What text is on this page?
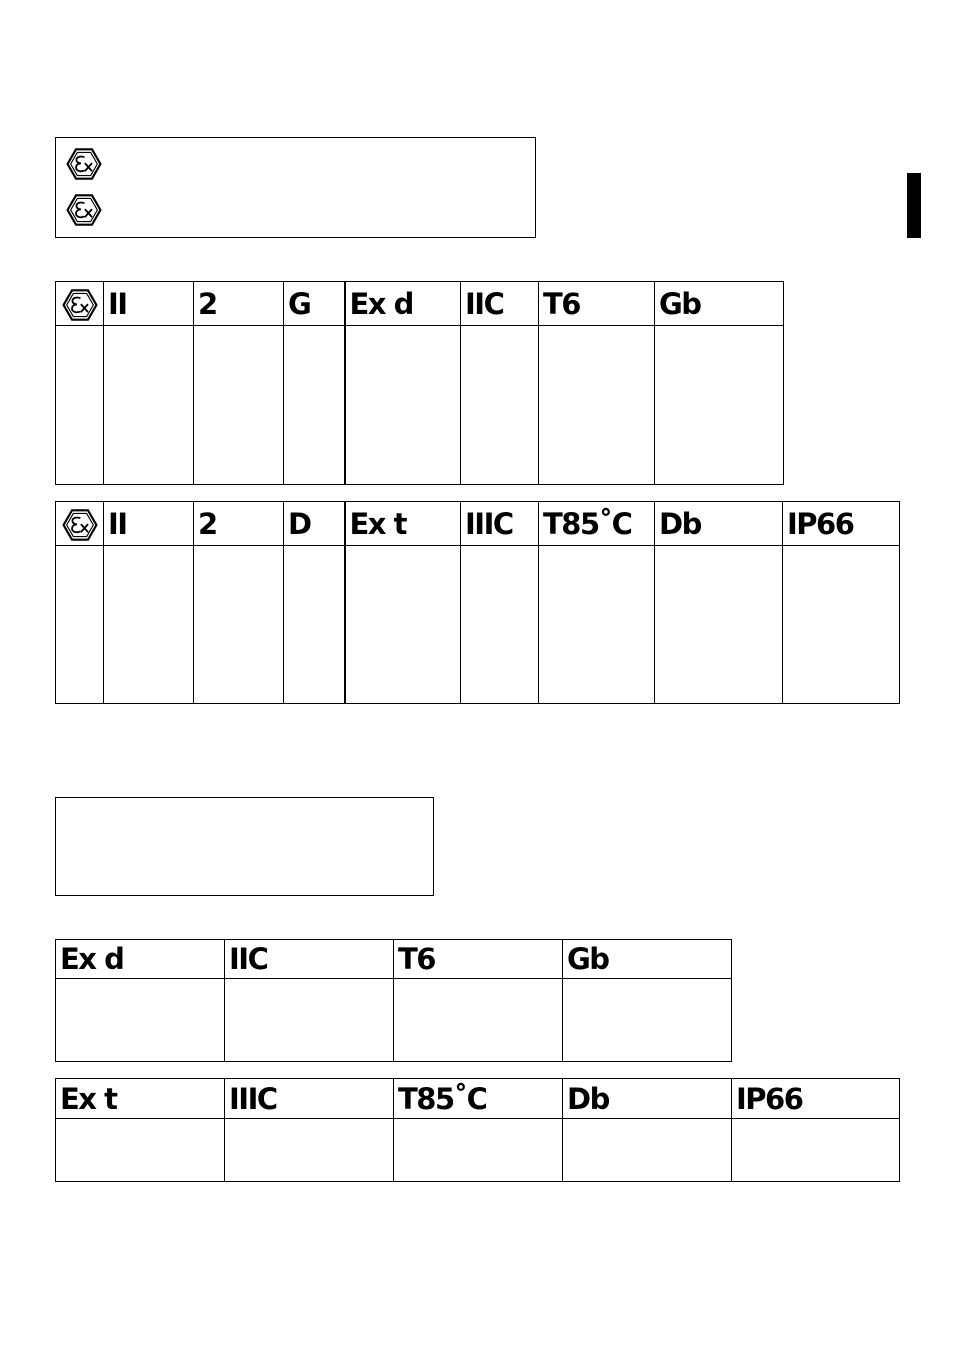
	II	2	G	Ex d	IIC	T6	Gb

	II	2	D	Ex t	IIIC	T85˚C	Db	IP66

Ex d	IIC	T6	Gb

Ex t	IIIC	T85˚C	Db	IP66
